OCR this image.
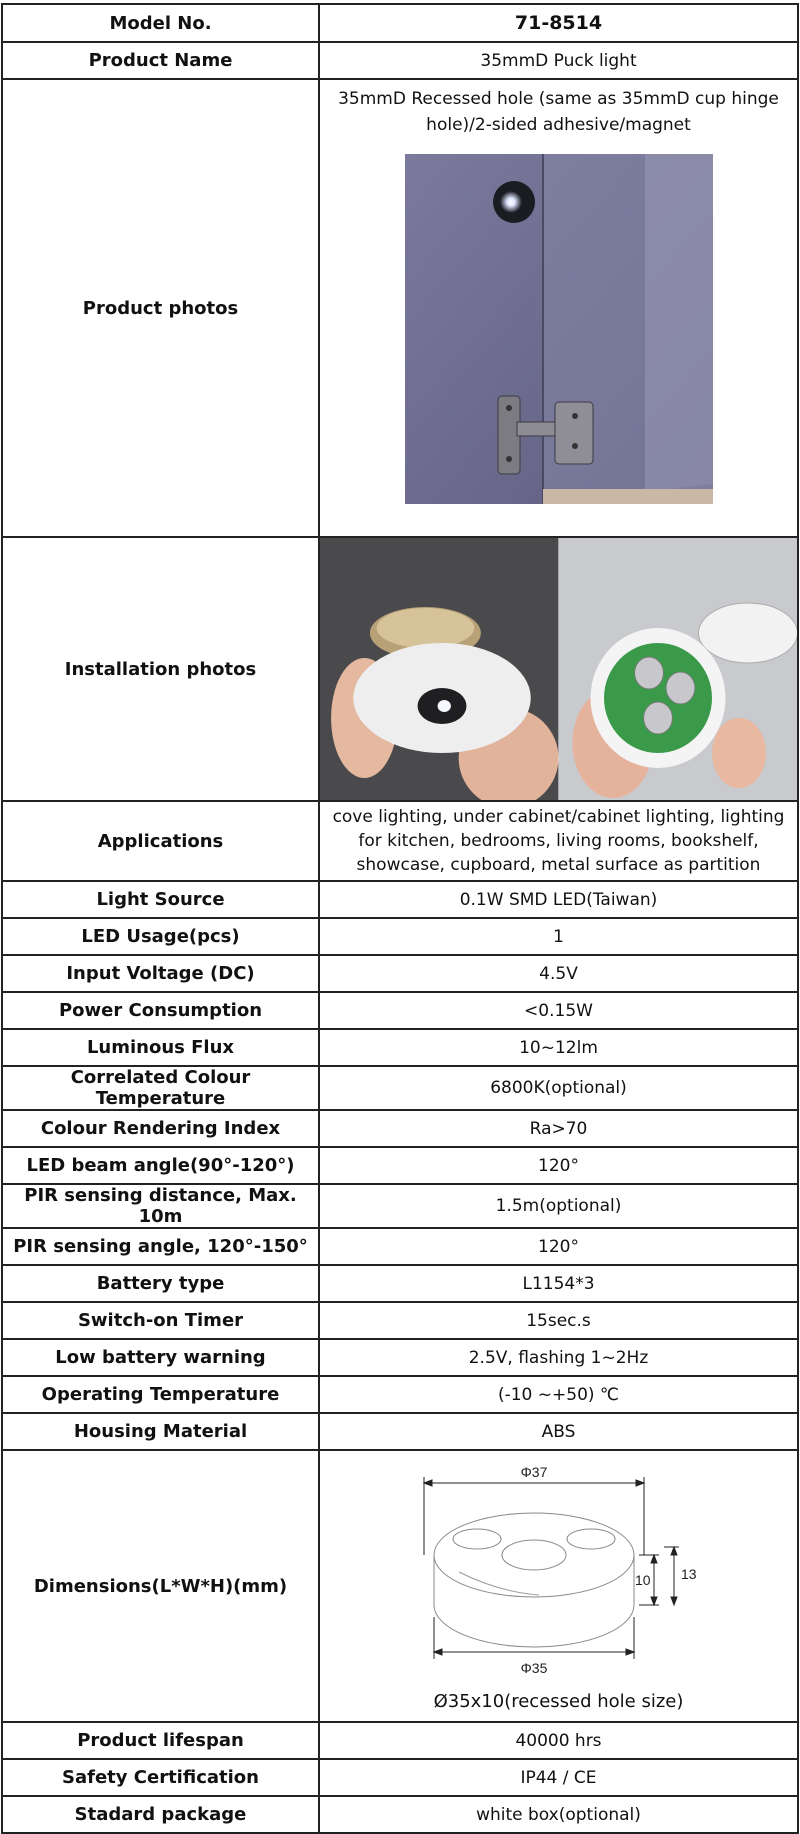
Model No.	71-8514
Product Name	35mmD Puck light
Product photos	35mmD Recessed hole (same as 35mmD cup hinge hole)/2-sided adhesive/magnet

Installation photos	

Applications	cove lighting, under cabinet/cabinet lighting, lighting for kitchen, bedrooms, living rooms, bookshelf, showcase, cupboard, metal surface as partition
Light Source	0.1W SMD LED(Taiwan)
LED Usage(pcs)	1
Input Voltage (DC)	4.5V
Power Consumption	<0.15W
Luminous Flux	10~12lm
Correlated Colour Temperature	6800K(optional)
Colour Rendering Index	Ra>70
LED beam angle(90°-120°)	120°
PIR sensing distance, Max. 10m	1.5m(optional)
PIR sensing angle, 120°-150°	120°
Battery type	L1154*3
Switch-on Timer	15sec.s
Low battery warning	2.5V, flashing 1~2Hz
Operating Temperature	(-10 ~+50) ℃
Housing Material	ABS
Dimensions(L*W*H)(mm)	Φ37
Φ35
10 13
Ø35x10(recessed hole size)

Product lifespan	40000 hrs
Safety Certification	IP44 / CE
Stadard package	white box(optional)
